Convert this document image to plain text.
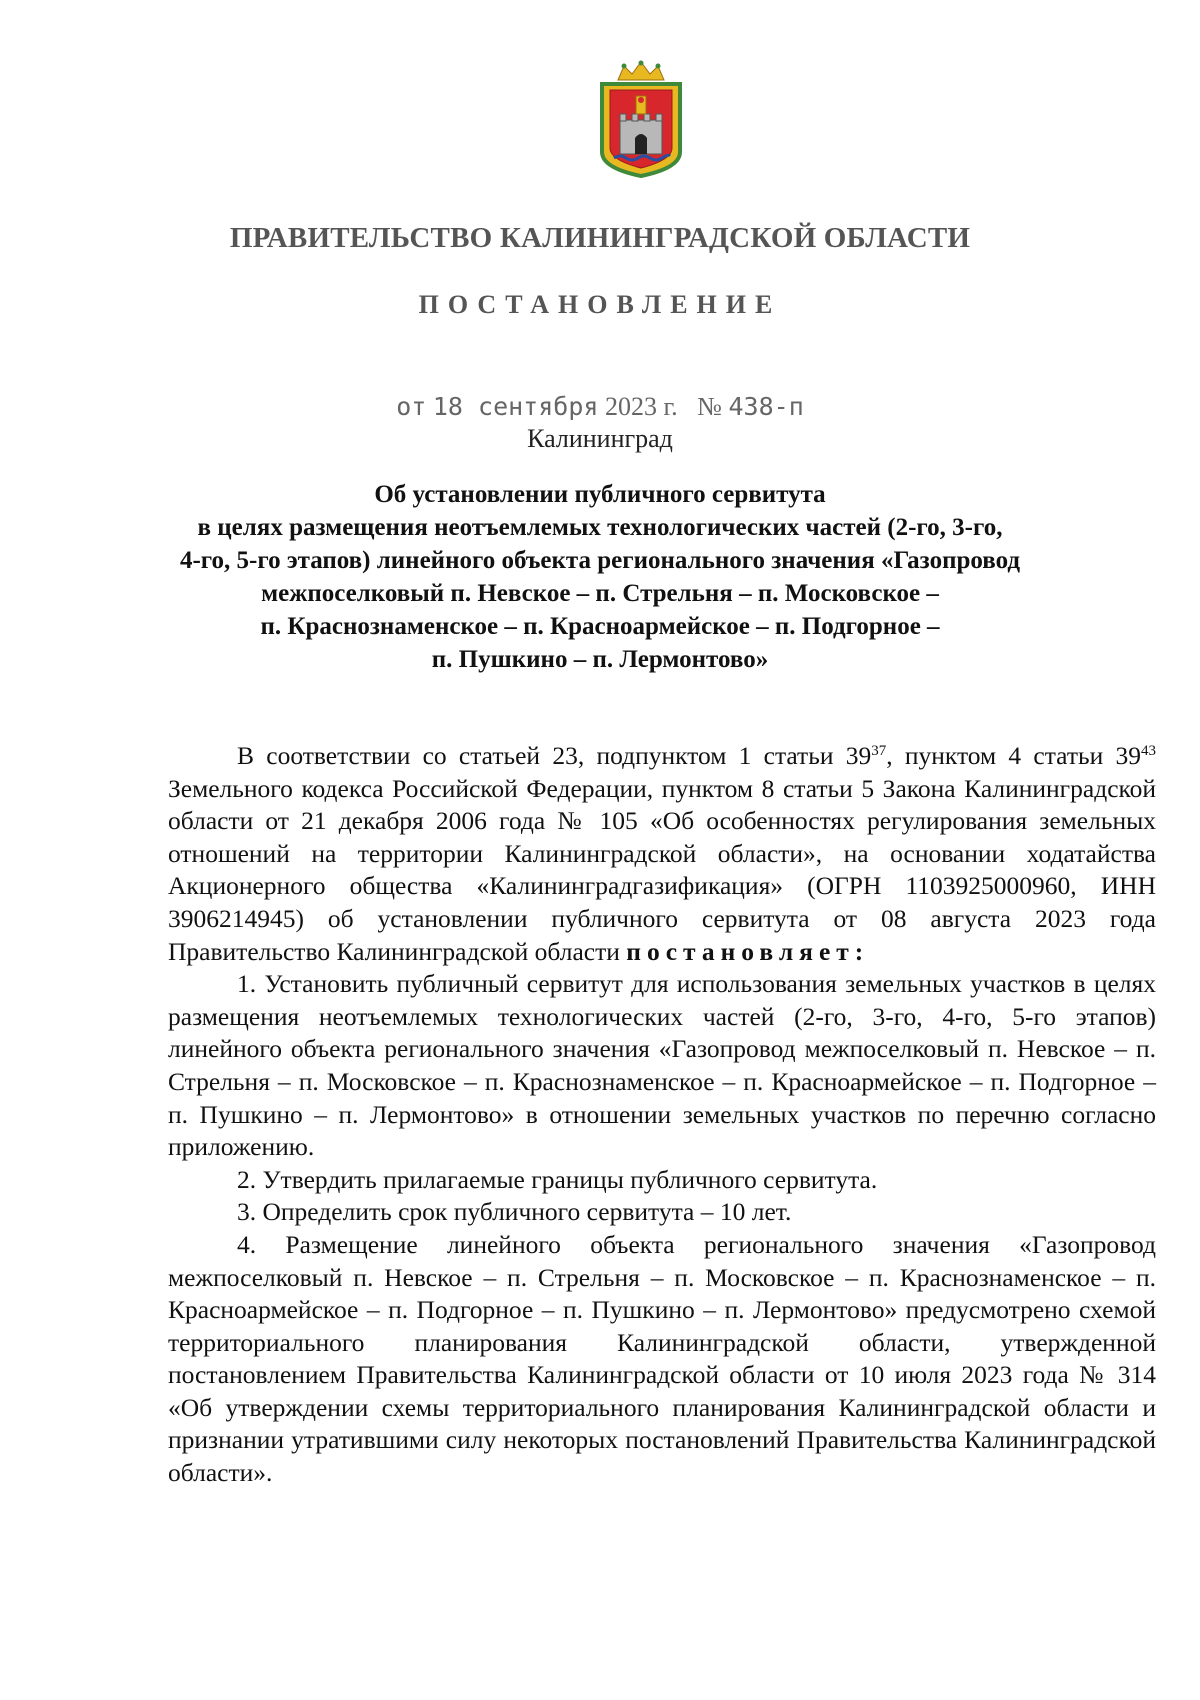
ПРАВИТЕЛЬСТВО КАЛИНИНГРАДСКОЙ ОБЛАСТИ
ПОСТАНОВЛЕНИЕ
от 18 сентября 2023 г. № 438-п
Калининград
Об установлении публичного сервитута
в целях размещения неотъемлемых технологических частей (2-го, 3-го,
4-го, 5-го этапов) линейного объекта регионального значения «Газопровод
межпоселковый п. Невское – п. Стрельня – п. Московское –
п. Краснознаменское – п. Красноармейское – п. Подгорное –
п. Пушкино – п. Лермонтово»

В соответствии со статьей 23, подпунктом 1 статьи $39^{37}$, пунктом 4 статьи $39^{43}$ Земельного кодекса Российской Федерации, пунктом 8 статьи 5 Закона Калининградской области от 21 декабря 2006 года № 105 «Об особенностях регулирования земельных отношений на территории Калининградской области», на основании ходатайства Акционерного общества «Калининградгазификация» (ОГРН 1103925000960, ИНН 3906214945) об установлении публичного сервитута от 08 августа 2023 года Правительство Калининградской области постановляет:

1. Установить публичный сервитут для использования земельных участков в целях размещения неотъемлемых технологических частей (2-го, 3-го, 4-го, 5-го этапов) линейного объекта регионального значения «Газопровод межпоселковый п. Невское – п. Стрельня – п. Московское – п. Краснознаменское – п. Красноармейское – п. Подгорное – п. Пушкино – п. Лермонтово» в отношении земельных участков по перечню согласно приложению.

2. Утвердить прилагаемые границы публичного сервитута.

3. Определить срок публичного сервитута – 10 лет.

4. Размещение линейного объекта регионального значения «Газопровод межпоселковый п. Невское – п. Стрельня – п. Московское – п. Краснознаменское – п. Красноармейское – п. Подгорное – п. Пушкино – п. Лермонтово» предусмотрено схемой территориального планирования Калининградской области, утвержденной постановлением Правительства Калининградской области от 10 июля 2023 года № 314 «Об утверждении схемы территориального планирования Калининградской области и признании утратившими силу некоторых постановлений Правительства Калининградской области».
